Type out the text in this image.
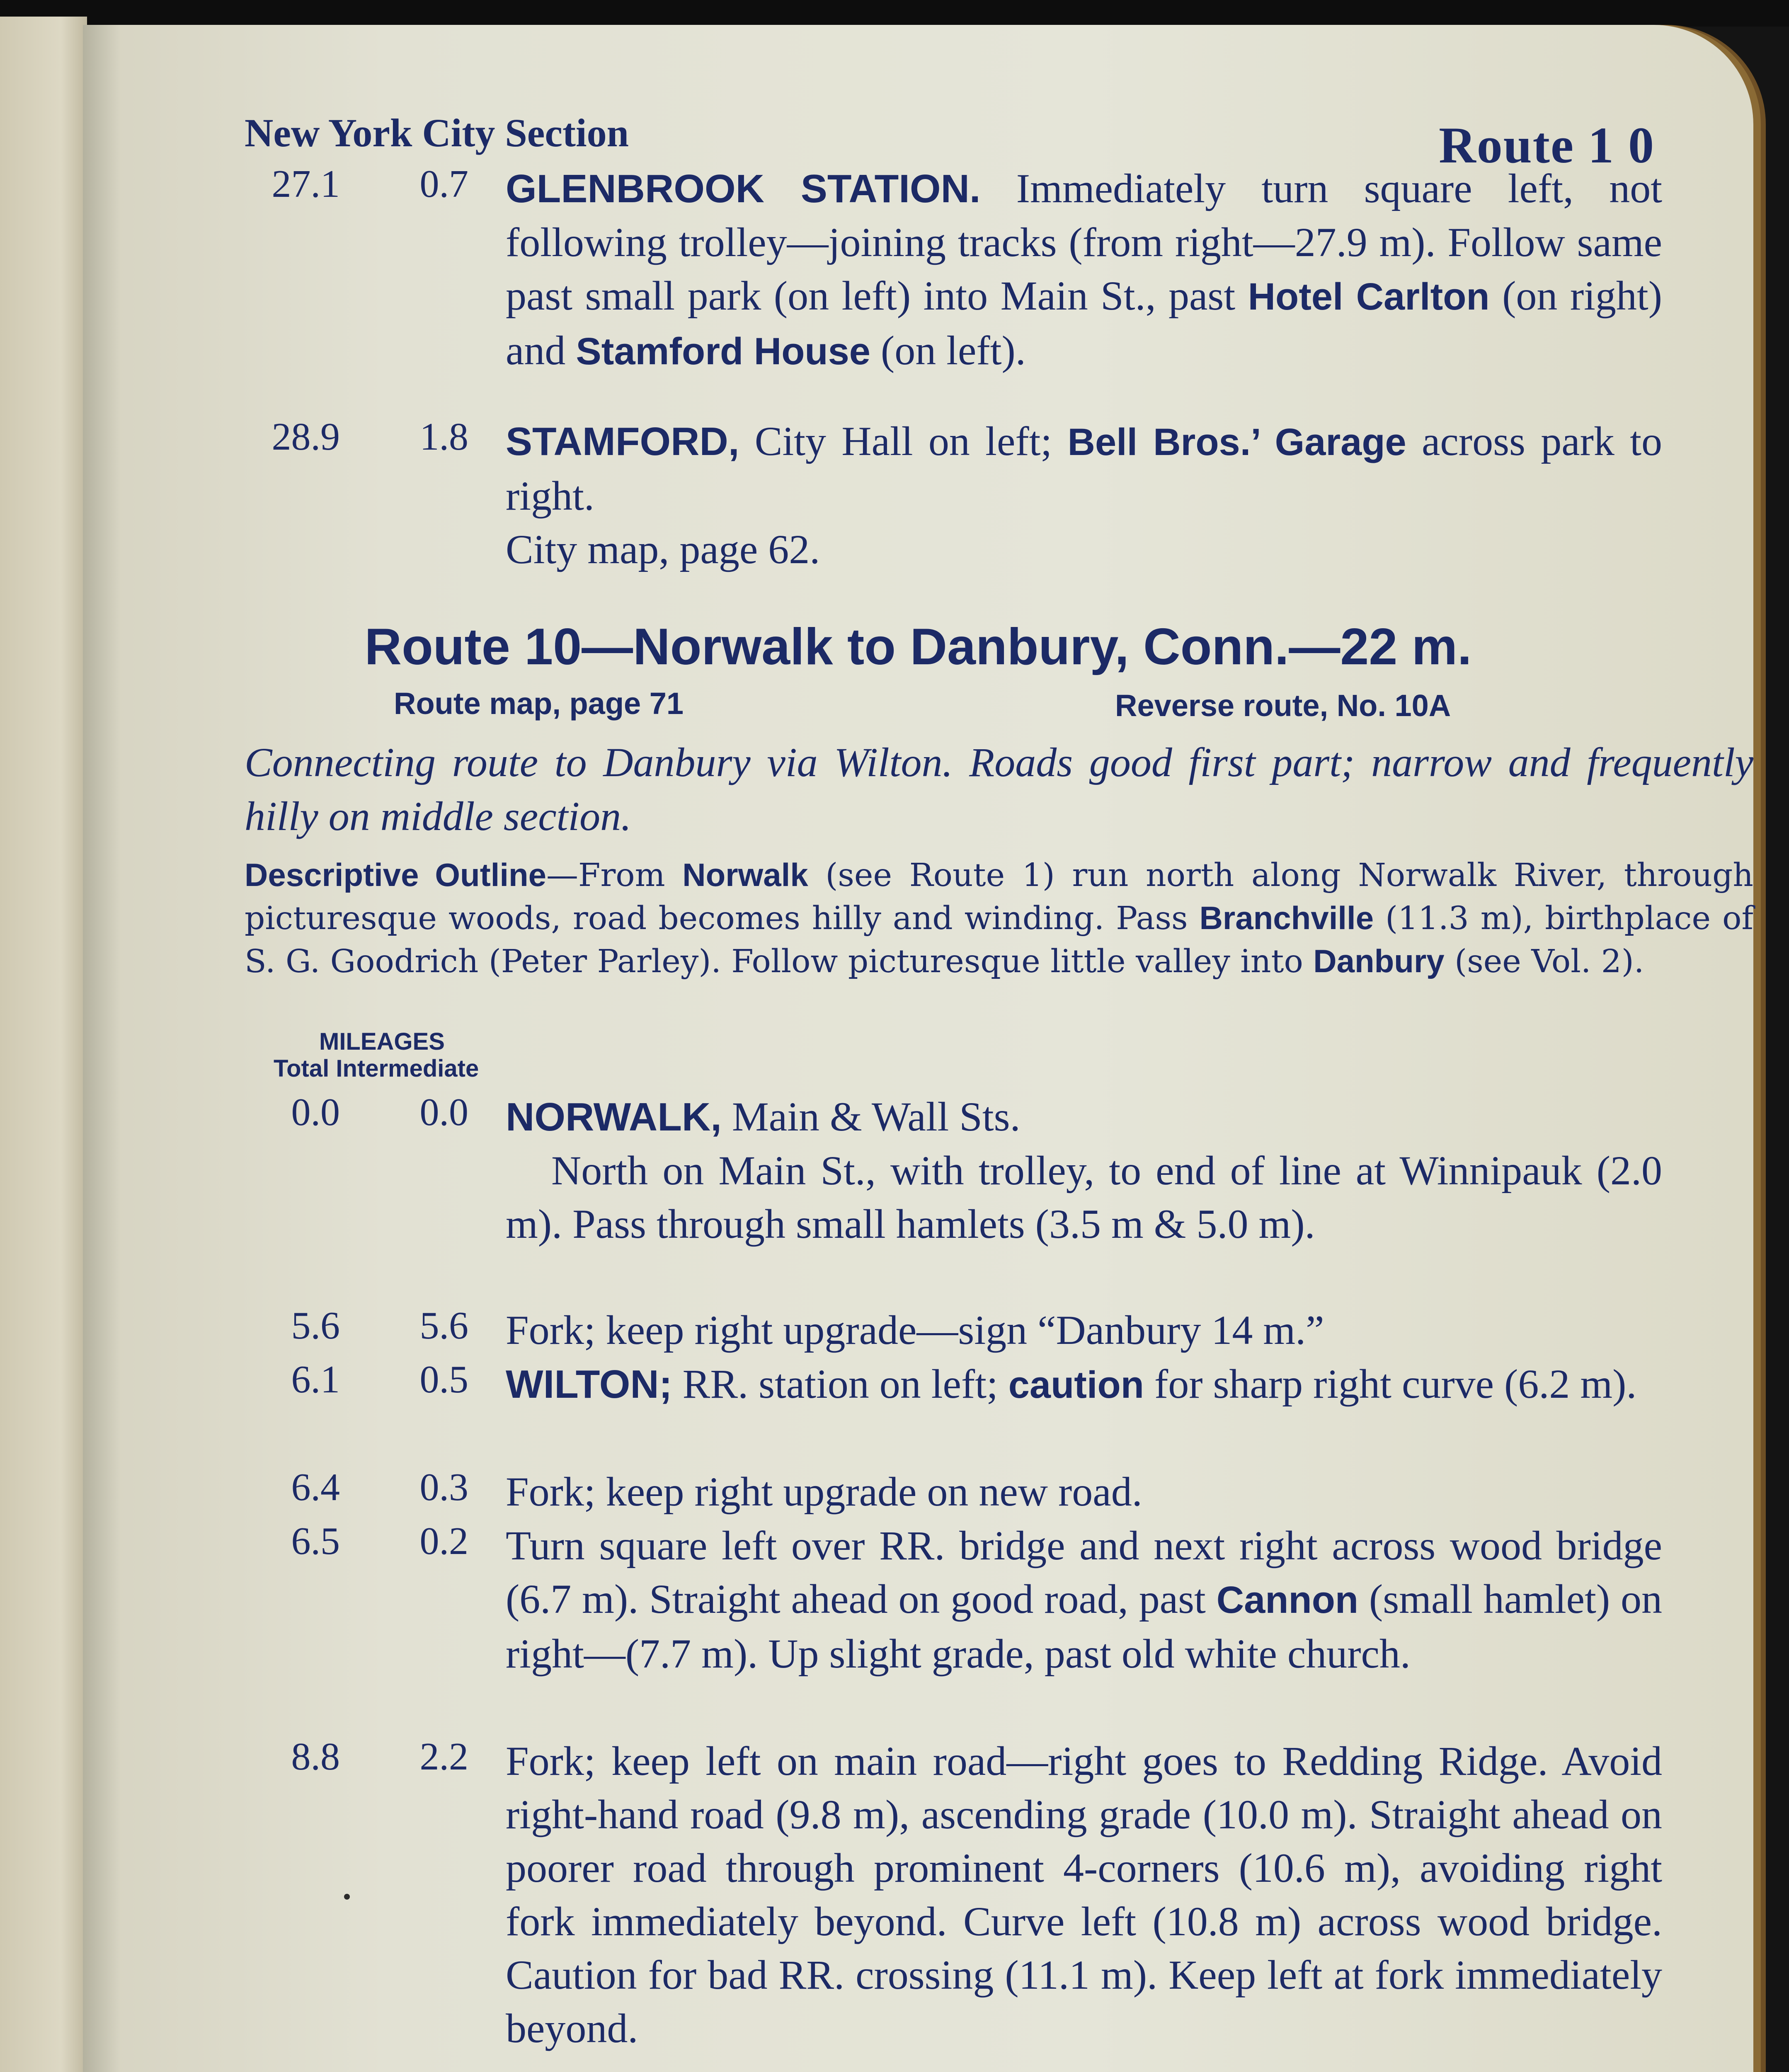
New York City Section	Route 1 0
27.1	0.7 GLENBROOK STATION. Immediately turn square left, not following trolley—joining tracks (from right—27.9 m). Follow same past small park (on left) into Main St., past Hotel Carlton (on right) and Stamford House (on left).
28.9	1.8 STAMFORD, City Hall on left; Bell Bros.’ Garage across park to right.
City map, page 62.
Route 10—Norwalk to Danbury, Conn.—22 m.
Route map, page 71	Reverse route, No. 10A
Connecting route to Danbury via Wilton. Roads good first part; narrow and frequently hilly on middle section.
Descriptive Outline—From Norwalk (see Route 1) run north along Norwalk River, through picturesque woods, road becomes hilly and winding. Pass Branchville (11.3 m), birthplace of S. G. Goodrich (Peter Parley). Follow picturesque little valley into Danbury (see Vol. 2).
MILEAGES
Total Intermediate
0.0	0.0 NORWALK, Main & Wall Sts.
North on Main St., with trolley, to end of line at Winnipauk (2.0 m). Pass through small hamlets (3.5 m & 5.0 m).
5.6	5.6 Fork; keep right upgrade—sign “Danbury 14 m.”
6.1	0.5 WILTON; RR. station on left; caution for sharp right curve (6.2 m).
6.4	0.3 Fork; keep right upgrade on new road.
6.5	0.2 Turn square left over RR. bridge and next right across wood bridge (6.7 m). Straight ahead on good road, past Cannon (small hamlet) on right—(7.7 m). Up slight grade, past old white church.
8.8	2.2 Fork; keep left on main road—right goes to Redding Ridge. Avoid right-hand road (9.8 m), ascending grade (10.0 m). Straight ahead on poorer road through prominent 4-corners (10.6 m), avoiding right fork immediately beyond. Curve left (10.8 m) across wood bridge. Caution for bad RR. crossing (11.1 m). Keep left at fork immediately beyond.
